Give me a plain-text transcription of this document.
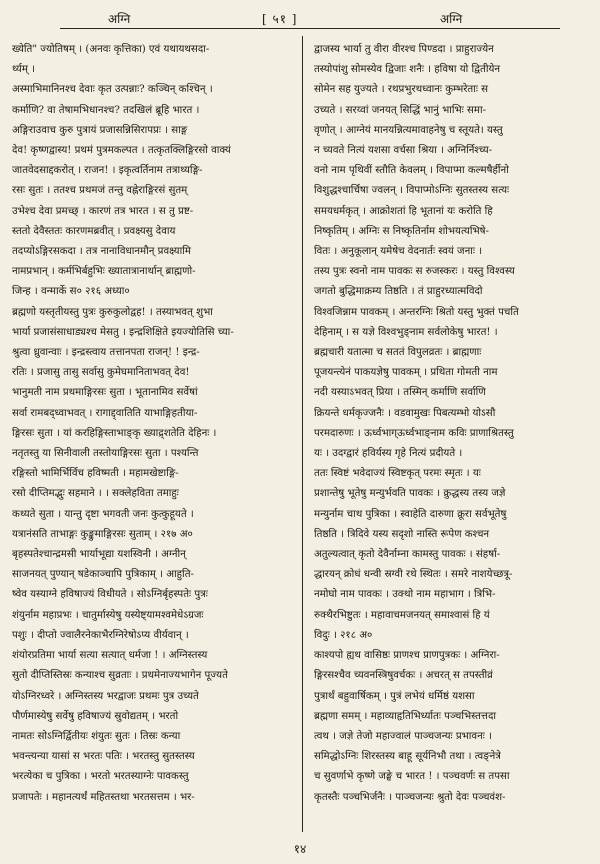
अग्नि	[ ५१ ]	अग्नि
ख्येति" ज्योतिषम् । (अनवः कृत्तिका) एवं यथायथसदा-
र्थ्यम् ।
अस्माभिमानिनश्च देवाः कृत उत्पन्नाः? कञ्चिन् कश्चिन् ।
कर्माणि? वा तेषामभिधानश्च? तदखिलं ब्रूहि भारत ।
अङ्गिराउवाच कुरु पुत्रायं प्रजासन्निसिरापप्रः । साङ्ग
देव! कृष्णद्वास्य! प्रथमं पुत्रमकल्पत । तत्कृतक्लिङ्गिरसो वाक्यं
जातवेदसाद्दकरोत् । राजन! । इकृत्वर्तिनाम तत्राथ्यङ्गि-
रसः सुतः । ततश्च प्रथमजं तन्तु वह्नेराङ्गिरसं सुतम्
उभेश्च देवा प्रमच्छ् । कारणं तत्र भारत । स तु प्रष्ट-
स्ततो देवैस्ततः कारणमब्रवीत् । प्रवक्ष्यसु देवाय
तदप्योऽङ्गिरसकदा । तत्र नानाविधानमौन् प्रवक्ष्यामि
नामप्रभान् । कर्मभिर्बहुभिः ख्यातात्रानार्थान् ब्राह्मणो-
जिन्ह । वन्मार्के स० २१६ अध्या०
ब्रह्मणो यस्तृतीयस्तु पुत्रः कुरुकुलोद्वह! । तस्याभवत् शुभा
भार्या प्रजासंसाधाड्यश्च मेसतु । इन्द्रशिक्षिते इयज्योतिसि च्या-
श्रुत्वा ध्रुवान्वाः । इन्द्रस्त्वाय तत्तानपता राजन्! ! इन्द्र-
रतिः । प्रजासु तासु सर्वासु कुमेघमानिताभवत् देव!
भानुमती नाम प्रथमाङ्गिरसः सुता । भूतानामिव सर्वेषां
सर्वा रामबद्ध्वाभवत् । रागाद्द्वातिति याभाङ्गिहतीया-
ङ्गिरसः सुता । यां करहिङ्गिस्ताभाङ्कृ ख्याद्र्शतेति देहिनः ।
नतृतस्तु या सिनीवाली तस्तोयाङ्गिरसः सुता । पश्यन्ति
रङ्गिस्तो भामिर्भिर्विच हविष्मती । महामखेष्टाङ्गि-
रसो दीप्तिमद्भुः सहमाने । । सक्लेहविता तमाहुः
कथ्यते सुता । यान्तु दृष्टा भगवती जनः कुत्कुहूयते ।
यत्रानंसति ताभाङ्गः कुङ्कुमाङ्गिरसः सुताम् । २१७ अ०
बृहस्पतेश्चान्द्रमसी भार्याभूद्या यशस्विनी । अग्नीन्
साजनयत् पुण्यान् षडेकाञ्चापि पुत्रिकाम् । आहुति-
ष्वेव यस्याग्ने हविषाज्यं विधीयते । सोऽग्निर्बृहस्पतेः पुत्रः
शंयुर्नाम महाप्रभः । चातुर्मास्येषु यस्येष्ट्यामश्वमेधेऽग्रजः
पशुः । दीप्तो ज्वालैरनेकाभैरग्निरेषोऽप्य वीर्यवान् ।
शंयोरप्रतिमा भार्या सत्या सत्यात् धर्मजा ! । अग्निस्तस्य
सुतो दीप्तिस्तिस्रः कन्याश्च सुव्रताः । प्रथमेनाज्यभागेन पूज्यते
योऽग्निरध्वरे । अग्निस्तस्य भरद्वाजः प्रथमः पुत्र उच्यते
पौर्णमास्येषु सर्वेषु हविषाज्यं स्रुवोद्यतम् । भरतो
नामतः सोऽग्निर्द्वितीयः शंयुतः सुतः । तिस्रः कन्या
भवन्त्यन्या यासां स भरतः पतिः । भरतस्तु सुतस्तस्य
भरत्येका च पुत्रिका । भरतो भरतस्याग्नेः पावकस्तु
प्रजापतेः । महानत्यर्थं महितस्तथा भरतसत्तम । भर-
द्वाजस्य भार्या तु वीरा वीरश्च पिण्डदा । प्राहुराज्येन
तस्योपांशु सोमस्येव द्विजाः शनैः । हविषा यो द्वितीयेन
सोमेन सह युज्यते । रथप्रभुरथध्वानः कुम्भरेताः स
उच्यते । सरय्वां जनयत् सिद्धिं भानुं भाभिः समा-
वृणोत् । आग्नेयं मानयन्नित्यमावाहनेषु च स्तूयते। यस्तु
न च्यवते नित्यं यशसा वर्चसा श्रिया । अग्निर्निश्च्य-
वनो नाम पृथिवीं स्तौति केवलम् । विपाप्मा कल्मषैर्हीनो
विशुद्धश्चार्चिषा ज्वलन् । विपाप्मोऽग्निः सुतस्तस्य सत्यः
समयधर्मकृत् । आक्रोशतां हि भूतानां यः करोति हि
निष्कृतिम् । अग्निः स निष्कृतिर्नाम शोभयत्यभिषे-
वितः । अनुकूलान् यमेषेच वेदनार्तः स्वयं जनाः ।
तस्य पुत्रः स्वनो नाम पावकः स रुजस्करः । यस्तु विश्वस्य
जगतो बुद्धिमाक्रम्य तिष्ठति । तं प्राहुरध्यात्मविदो
विश्वजिन्नाम पावकम् । अन्तरग्निः श्रितो यस्तु भुक्तं पचति
देहिनाम् । स यज्ञे विश्वभुङ्नाम सर्वलोकेषु भारत! ।
ब्रह्मचारी यतात्मा च सततं विपुलव्रतः । ब्राह्मणाः
पूजयन्त्येनं पाकयज्ञेषु पावकम् । प्रथिता गोमती नाम
नदी यस्याऽभवत् प्रिया । तस्मिन् कर्माणि सर्वाणि
क्रियन्ते धर्मकृज्जनैः । वडवामुखः पिबत्यम्भो योऽसौ
परमदारुणः । ऊर्ध्वभाग्ऊर्ध्वभाङ्नाम कविः प्राणाश्रितस्तु
यः । उदग्द्वारं हविर्यस्य गृहे नित्यं प्रदीयते ।
ततः स्विष्टं भवेदाज्यं स्विष्टकृत् परमः स्मृतः । यः
प्रशान्तेषु भूतेषु मन्युर्भवति पावकः । क्रुद्धस्य तस्य जज्ञे
मन्युर्नाम चाथ पुत्रिका । स्वाहेति दारुणा क्रूरा सर्वभूतेषु
तिष्ठति । त्रिदिवे यस्य सदृशो नास्ति रूपेण कश्चन
अतुल्यत्वात् कृतो देवैर्नाम्ना कामस्तु पावकः । संहर्षा-
द्धारयन् क्रोधं धन्वी स्रग्वी रथे स्थितः । समरे नाशयेच्छत्रू-
नमोघो नाम पावकः । उक्थो नाम महाभाग । त्रिभि-
रुक्थैरभिष्टुतः । महावाचमजनयत् समाश्वासं हि यं
विदुः । २१८ अ०
काश्यपो ह्यथ वासिष्ठः प्राणश्च प्राणपुत्रकः । अग्निरा-
ङ्गिरसश्चैव च्यवनस्त्रिषुवर्चकः । अचरत् स तपस्तीव्रं
पुत्रार्थं बहुवार्षिकम् । पुत्रं लभेयं धर्मिष्ठं यशसा
ब्रह्मणा समम् । महाव्याहृतिभिर्ध्यातः पञ्चभिस्तत्तदा
त्वथ । जज्ञे तेजो महाज्वालं पाञ्चजन्यः प्रभावनः ।
समिद्धोऽग्निः शिरस्तस्य बाहू सूर्यनिभौ तथा । त्वङ्नेत्रे
च सुवर्णाभे कृष्णे जङ्घे च भारत ! । पञ्चवर्णः स तपसा
कृतस्तैः पञ्चभिर्जनैः । पाञ्चजन्यः श्रुतो देवः पञ्चवंश-
१४
